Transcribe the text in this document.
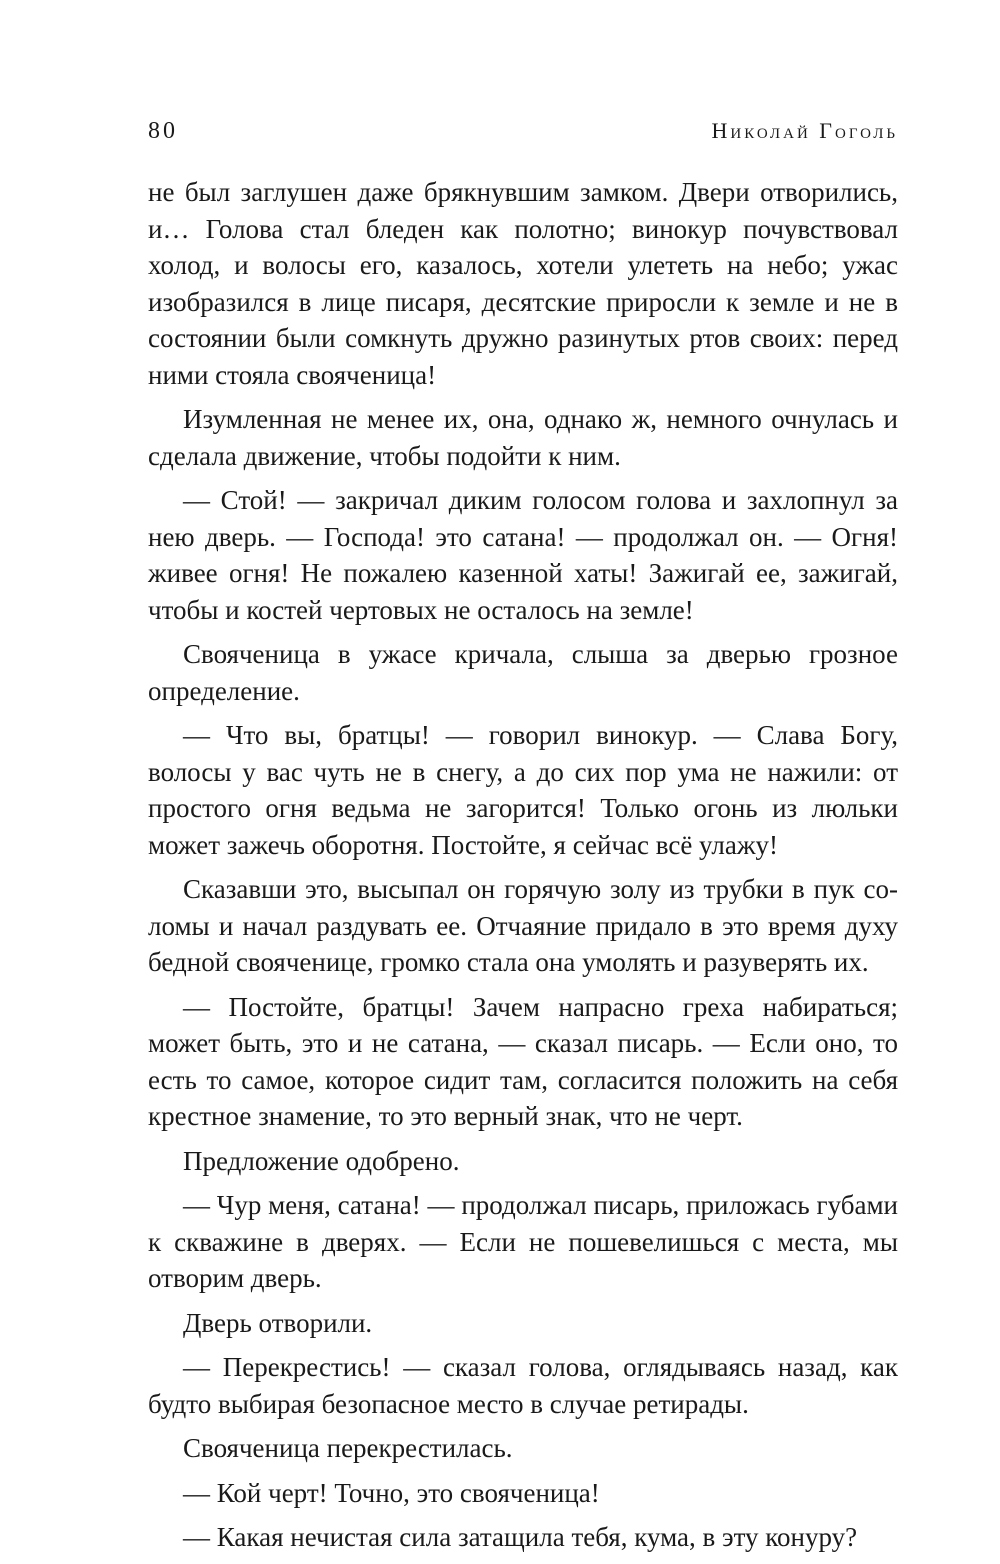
80	Николай Гоголь

не был заглушен даже брякнувшим замком. Двери отворились, и… Голова стал бледен как полотно; винокур почувствовал холод, и волосы его, казалось, хотели улететь на небо; ужас изобразился в лице писаря, десятские приросли к земле и не в состоянии были сомкнуть дружно разинутых ртов своих: перед ними стояла свояченица!

Изумленная не менее их, она, однако ж, немного очнулась и сделала движение, чтобы подойти к ним.

— Стой! — закричал диким голосом голова и захлопнул за нею дверь. — Господа! это сатана! — продолжал он. — Огня! живее огня! Не пожалею казенной хаты! Зажигай ее, зажигай, чтобы и костей чертовых не осталось на земле!

Свояченица в ужасе кричала, слыша за дверью грозное определение.

— Что вы, братцы! — говорил винокур. — Слава Богу, волосы у вас чуть не в снегу, а до сих пор ума не нажили: от простого огня ведьма не загорится! Только огонь из люльки может зажечь оборотня. Постойте, я сейчас всё улажу!

Сказавши это, высыпал он горячую золу из трубки в пук соломы и начал раздувать ее. Отчаяние придало в это время духу бедной свояченице, громко стала она умолять и разуверять их.

— Постойте, братцы! Зачем напрасно греха набираться; может быть, это и не сатана, — сказал писарь. — Если оно, то есть то самое, которое сидит там, согласится положить на себя крестное знамение, то это верный знак, что не черт.

Предложение одобрено.

— Чур меня, сатана! — продолжал писарь, приложась губами к скважине в дверях. — Если не пошевелишься с места, мы отворим дверь.

Дверь отворили.

— Перекрестись! — сказал голова, оглядываясь назад, как будто выбирая безопасное место в случае ретирады.

Свояченица перекрестилась.

— Кой черт! Точно, это свояченица!

— Какая нечистая сила затащила тебя, кума, в эту конуру?
